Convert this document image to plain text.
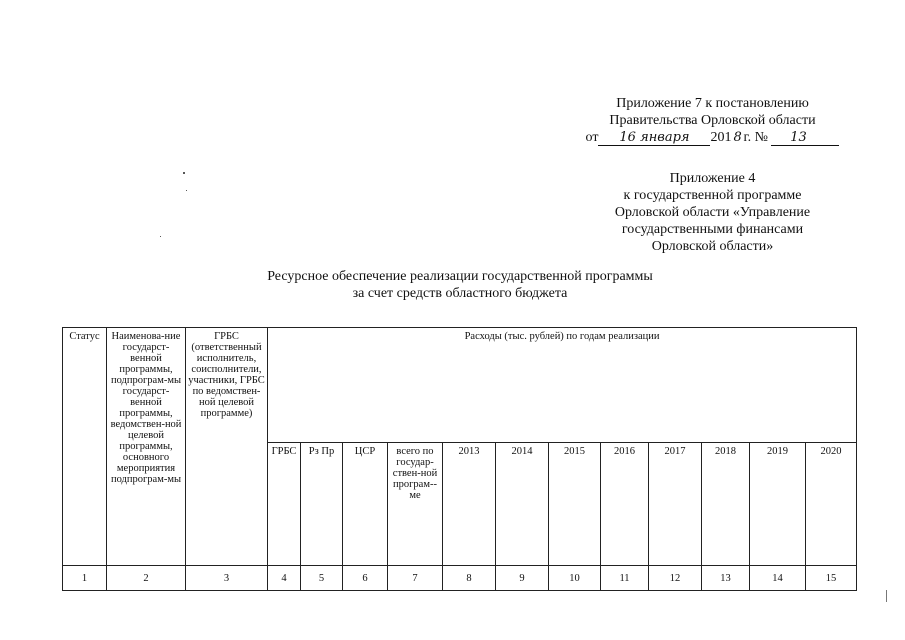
Приложение 7 к постановлению
Правительства Орловской области
от 16 января 201 8 г. № 13
Приложение 4
к государственной программе
Орловской области «Управление
государственными финансами
Орловской области»
Ресурсное обеспечение реализации государственной программы
за счет средств областного бюджета
Статус	Наименова-ние государст-венной программы, подпрограм-мы государст-венной программы, ведомствен-ной целевой программы, основного мероприятия подпрограм-мы	ГРБС (ответственный исполнитель, соисполнители, участники, ГРБС по ведомствен-ной целевой программе)	Расходы (тыс. рублей) по годам реализации											
			ГРБС	Рз Пр	ЦСР	всего по государ-ствен-ной програм--ме	2013	2014	2015	2016	2017	2018	2019	2020
1	2	3	4	5	6	7	8	9	10	11	12	13	14	15
